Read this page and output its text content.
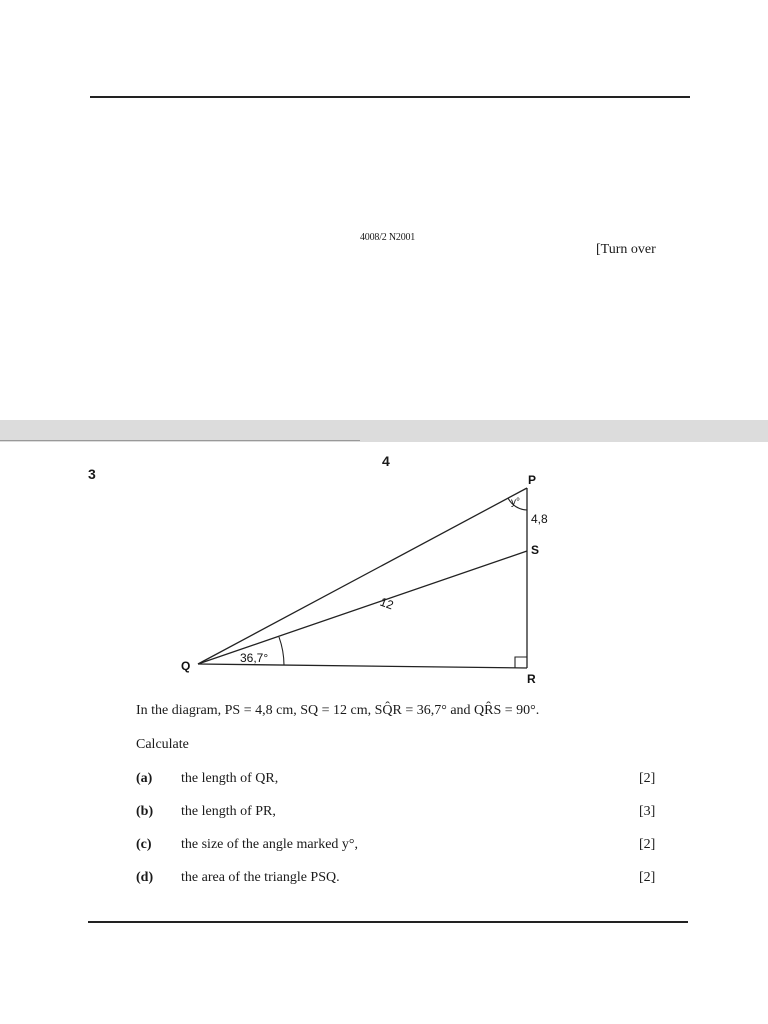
4008/2 N2001
[Turn over
3
4
P
Q
R
S
y°
4,8
12
36,7°
In the diagram, PS = 4,8 cm, SQ = 12 cm, SQ̂R = 36,7° and QR̂S = 90°.
Calculate
(a) the length of QR,	[2]
(b) the length of PR,	[3]
(c) the size of the angle marked y°,	[2]
(d) the area of the triangle PSQ.	[2]
